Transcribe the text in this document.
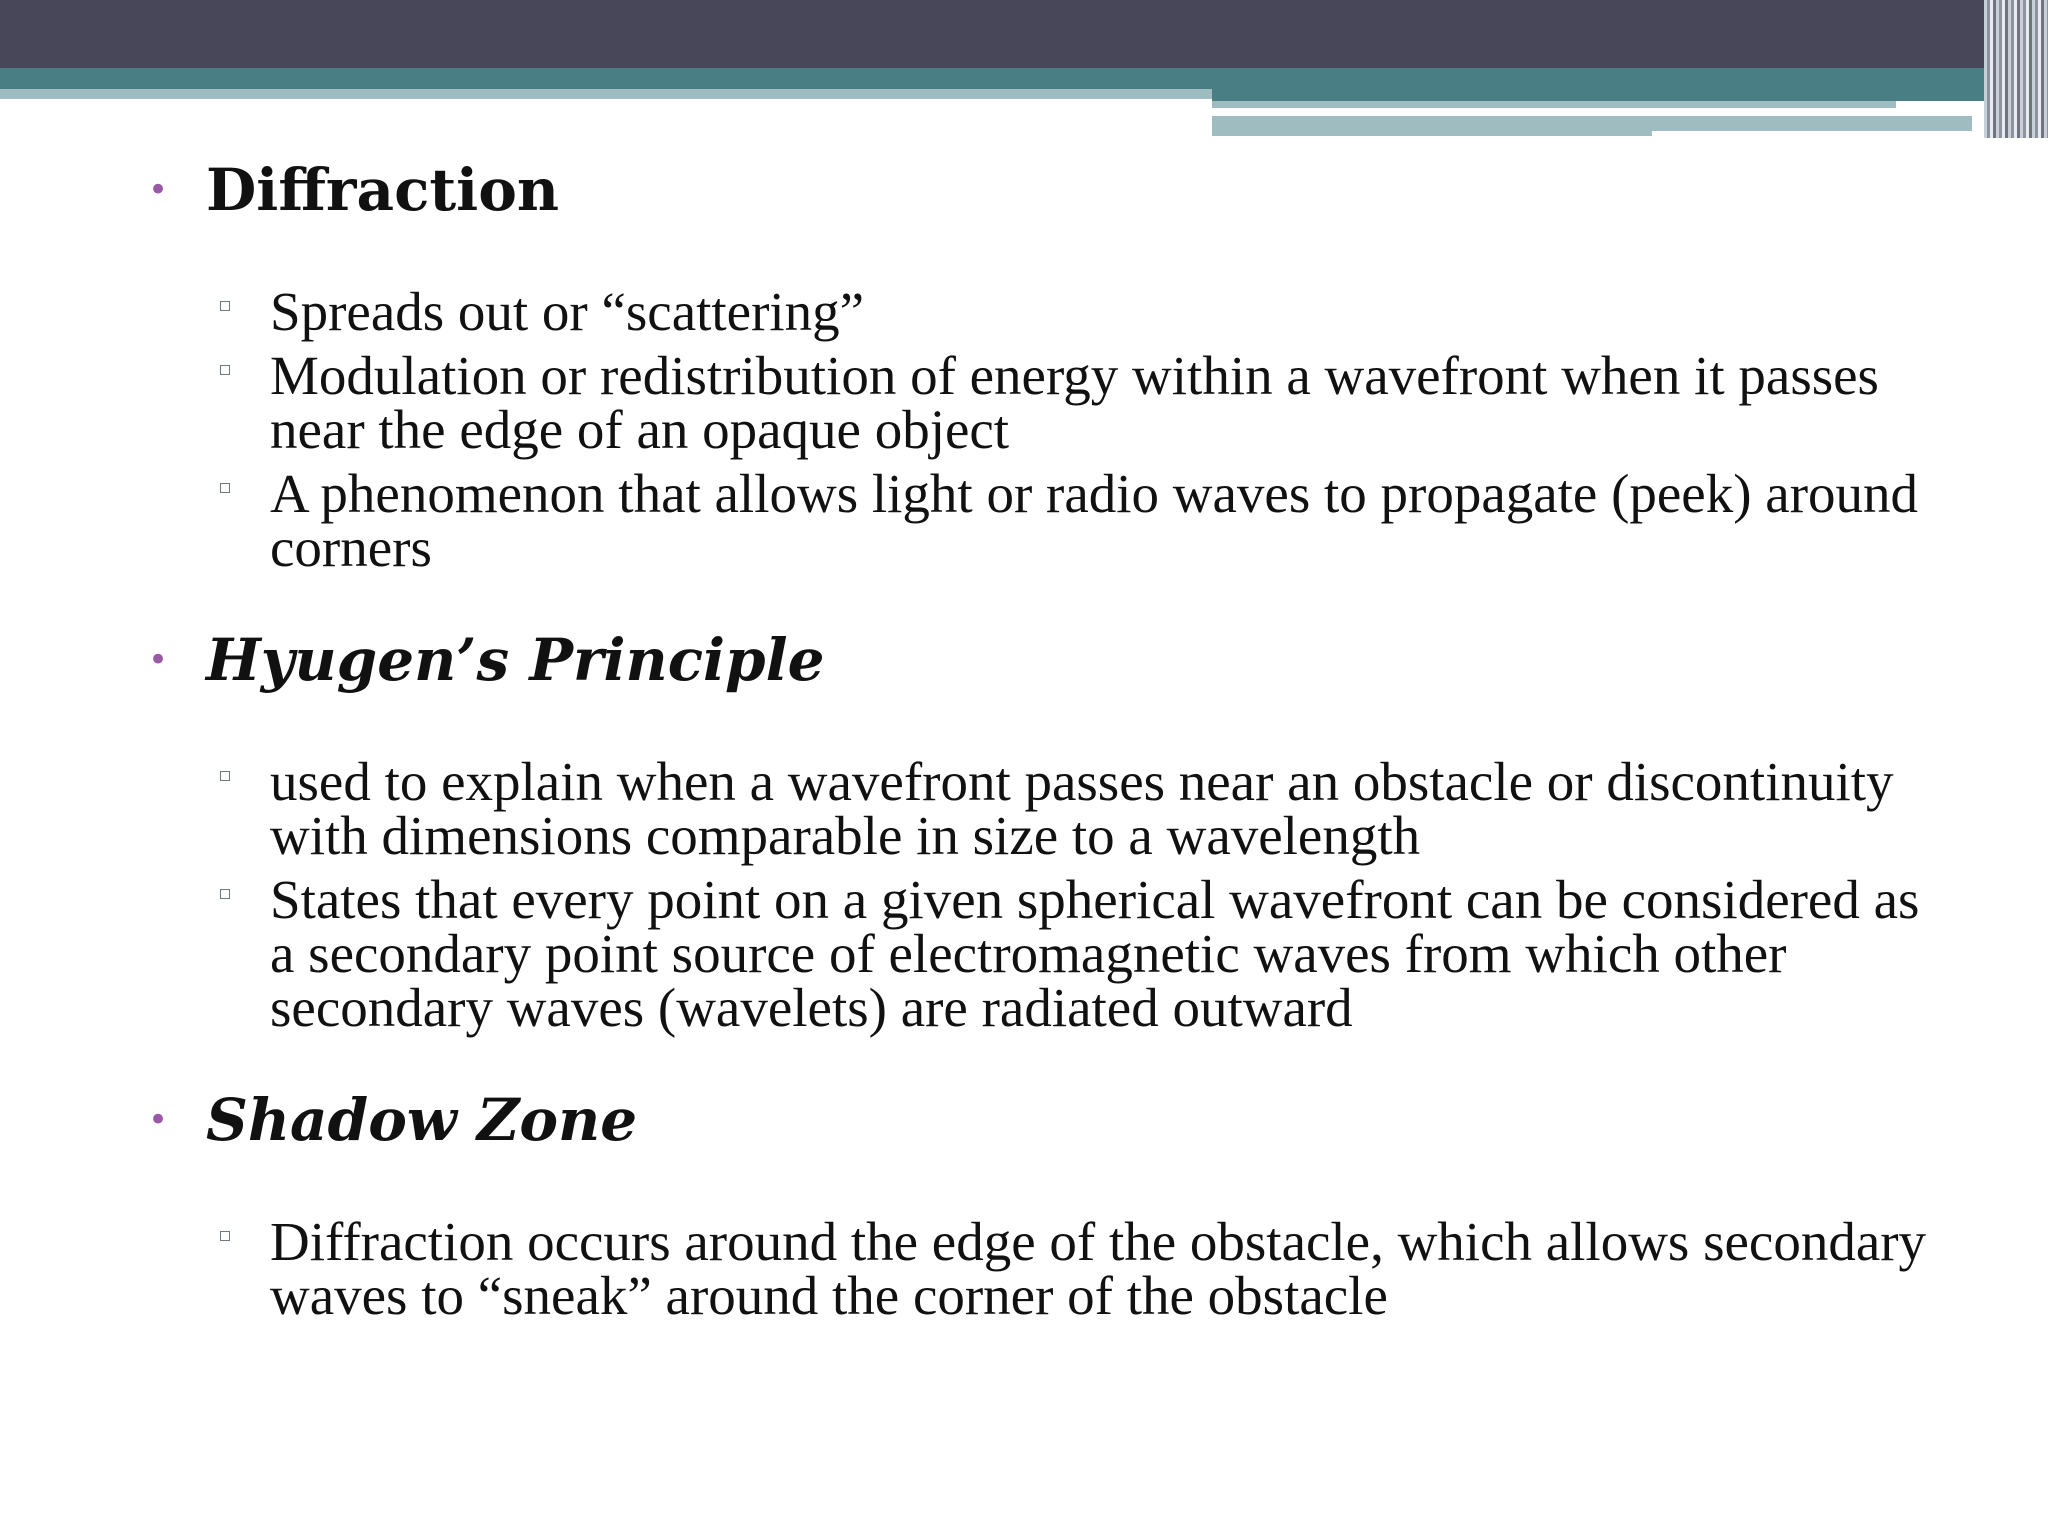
• Diffraction
Spreads out or “scattering”
Modulation or redistribution of energy within a wavefront when it passes near the edge of an opaque object
A phenomenon that allows light or radio waves to propagate (peek) around corners
• Hyugen’s Principle
used to explain when a wavefront passes near an obstacle or discontinuity with dimensions comparable in size to a wavelength
States that every point on a given spherical wavefront can be considered as a secondary point source of electromagnetic waves from which other secondary waves (wavelets) are radiated outward
• Shadow Zone
Diffraction occurs around the edge of the obstacle, which allows secondary waves to “sneak” around the corner of the obstacle
